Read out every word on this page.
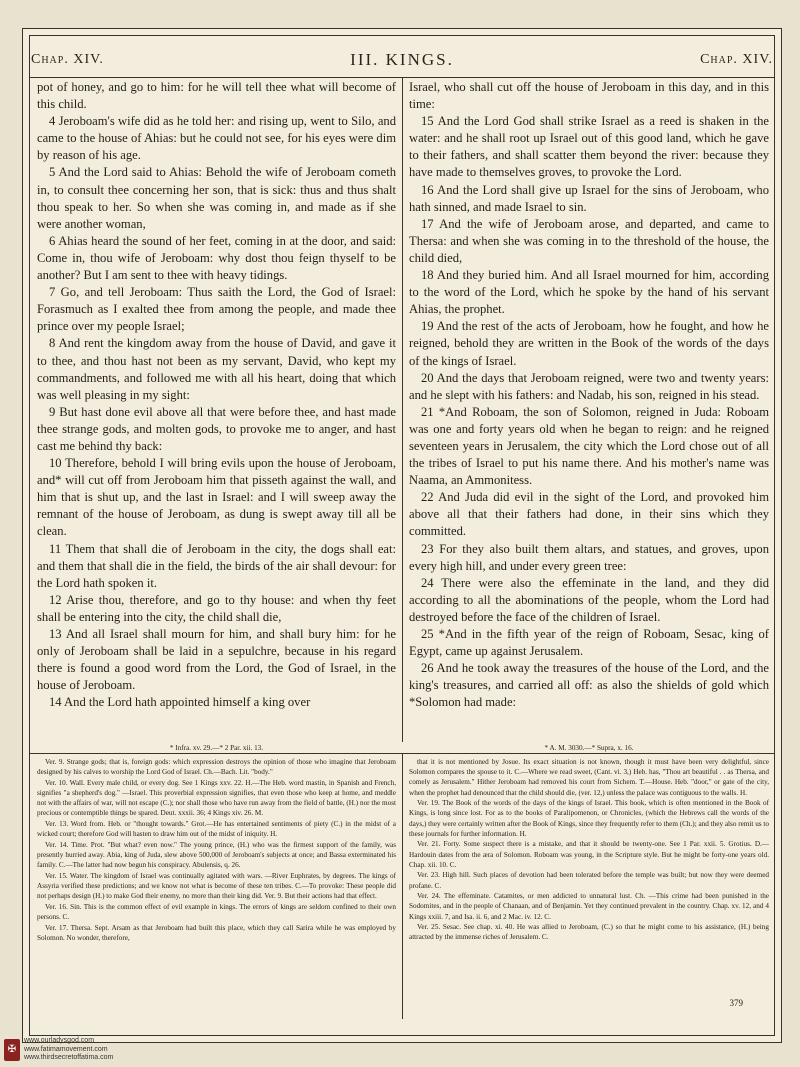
Chap. XIV.	III. KINGS.	Chap. XIV.

pot of honey, and go to him: for he will tell thee what will become of this child.

4 Jeroboam's wife did as he told her: and rising up, went to Silo, and came to the house of Ahias: but he could not see, for his eyes were dim by reason of his age.

5 And the Lord said to Ahias: Behold the wife of Jeroboam cometh in, to consult thee concerning her son, that is sick: thus and thus shalt thou speak to her. So when she was coming in, and made as if she were another woman,

6 Ahias heard the sound of her feet, coming in at the door, and said: Come in, thou wife of Jeroboam: why dost thou feign thyself to be another? But I am sent to thee with heavy tidings.

7 Go, and tell Jeroboam: Thus saith the Lord, the God of Israel: Forasmuch as I exalted thee from among the people, and made thee prince over my people Israel;

8 And rent the kingdom away from the house of David, and gave it to thee, and thou hast not been as my servant, David, who kept my commandments, and followed me with all his heart, doing that which was well pleasing in my sight:

9 But hast done evil above all that were before thee, and hast made thee strange gods, and molten gods, to provoke me to anger, and hast cast me behind thy back:

10 Therefore, behold I will bring evils upon the house of Jeroboam, and* will cut off from Jeroboam him that pisseth against the wall, and him that is shut up, and the last in Israel: and I will sweep away the remnant of the house of Jeroboam, as dung is swept away till all be clean.

11 Them that shall die of Jeroboam in the city, the dogs shall eat: and them that shall die in the field, the birds of the air shall devour: for the Lord hath spoken it.

12 Arise thou, therefore, and go to thy house: and when thy feet shall be entering into the city, the child shall die,

13 And all Israel shall mourn for him, and shall bury him: for he only of Jeroboam shall be laid in a sepulchre, because in his regard there is found a good word from the Lord, the God of Israel, in the house of Jeroboam.

14 And the Lord hath appointed himself a king over

Israel, who shall cut off the house of Jeroboam in this day, and in this time:

15 And the Lord God shall strike Israel as a reed is shaken in the water: and he shall root up Israel out of this good land, which he gave to their fathers, and shall scatter them beyond the river: because they have made to themselves groves, to provoke the Lord.

16 And the Lord shall give up Israel for the sins of Jeroboam, who hath sinned, and made Israel to sin.

17 And the wife of Jeroboam arose, and departed, and came to Thersa: and when she was coming in to the threshold of the house, the child died,

18 And they buried him. And all Israel mourned for him, according to the word of the Lord, which he spoke by the hand of his servant Ahias, the prophet.

19 And the rest of the acts of Jeroboam, how he fought, and how he reigned, behold they are written in the Book of the words of the days of the kings of Israel.

20 And the days that Jeroboam reigned, were two and twenty years: and he slept with his fathers: and Nadab, his son, reigned in his stead.

21 *And Roboam, the son of Solomon, reigned in Juda: Roboam was one and forty years old when he began to reign: and he reigned seventeen years in Jerusalem, the city which the Lord chose out of all the tribes of Israel to put his name there. And his mother's name was Naama, an Ammonitess.

22 And Juda did evil in the sight of the Lord, and provoked him above all that their fathers had done, in their sins which they committed.

23 For they also built them altars, and statues, and groves, upon every high hill, and under every green tree:

24 There were also the effeminate in the land, and they did according to all the abominations of the people, whom the Lord had destroyed before the face of the children of Israel.

25 *And in the fifth year of the reign of Roboam, Sesac, king of Egypt, came up against Jerusalem.

26 And he took away the treasures of the house of the Lord, and the king's treasures, and carried all off: as also the shields of gold which *Solomon had made:

* Infra. xv. 29.—* 2 Par. xii. 13.	* A. M. 3030.—* Supra, x. 16.

Ver. 9. Strange gods; that is, foreign gods: which expression destroys the opinion of those who imagine that Jeroboam designed by his calves to worship the Lord God of Israel. Ch.—Bach. Lit. "body."

Ver. 10. Wall. Every male child, or every dog. See 1 Kings xxv. 22. H.—The Heb. word mastin, in Spanish and French, signifies "a shepherd's dog." —Israel. This proverbial expression signifies, that even those who keep at home, and meddle not with the affairs of war, will not escape (C.); nor shall those who have run away from the field of battle, (H.) nor the most precious or contemptible things be spared. Deut. xxxii. 36; 4 Kings xiv. 26. M.

Ver. 13. Word from. Heb. or "thought towards." Grot.—He has entertained sentiments of piety (C.) in the midst of a wicked court; therefore God will hasten to draw him out of the midst of iniquity. H.

Ver. 14. Time. Prot. "But what? even now." The young prince, (H.) who was the firmest support of the family, was presently hurried away. Abia, king of Juda, slew above 500,000 of Jeroboam's subjects at once; and Bassa exterminated his family. C.—The latter had now begun his conspiracy. Abulensis, q. 26.

Ver. 15. Water. The kingdom of Israel was continually agitated with wars. —River Euphrates, by degrees. The kings of Assyria verified these predictions; and we know not what is become of these ten tribes. C.—To provoke: These people did not perhaps design (H.) to make God their enemy, no more than their king did. Ver. 9. But their actions had that effect.

Ver. 16. Sin. This is the common effect of evil example in kings. The errors of kings are seldom confined to their own persons. C.

Ver. 17. Thersa. Sept. Arsam as that Jeroboam had built this place, which they call Sarira while he was employed by Solomon. No wonder, therefore,

that it is not mentioned by Josue. Its exact situation is not known, though it must have been very delightful, since Solomon compares the spouse to it. C.—Where we read sweet, (Cant. vi. 3,) Heb. has, "Thou art beautiful . . as Thersa, and comely as Jerusalem." Hither Jeroboam had removed his court from Sichem. T.—House. Heb. "door," or gate of the city, when the prophet had denounced that the child should die, (ver. 12,) unless the palace was contiguous to the walls. H.

Ver. 19. The Book of the words of the days of the kings of Israel. This book, which is often mentioned in the Book of Kings, is long since lost. For as to the books of Paralipomenon, or Chronicles, (which the Hebrews call the words of the days,) they were certainly written after the Book of Kings, since they frequently refer to them (Ch.); and they also remit us to these journals for further information. H.

Ver. 21. Forty. Some suspect there is a mistake, and that it should be twenty-one. See 1 Par. xxii. 5. Grotius. D.—Hardouin dates from the æra of Solomon. Roboam was young, in the Scripture style. But he might be forty-one years old. Chap. xii. 10. C.

Ver. 23. High hill. Such places of devotion had been tolerated before the temple was built; but now they were deemed profane. C.

Ver. 24. The effeminate. Catamites, or men addicted to unnatural lust. Ch. —This crime had been punished in the Sodomites, and in the people of Chanaan, and of Benjamin. Yet they continued prevalent in the country. Chap. xv. 12, and 4 Kings xxiii. 7, and Isa. ii. 6, and 2 Mac. iv. 12. C.

Ver. 25. Sesac. See chap. xi. 40. He was allied to Jeroboam, (C.) so that he might come to his assistance, (H.) being attracted by the immense riches of Jerusalem. C.

379
✠
www.ourladysgod.com
www.fatimamovement.com
www.thirdsecretoffatima.com
